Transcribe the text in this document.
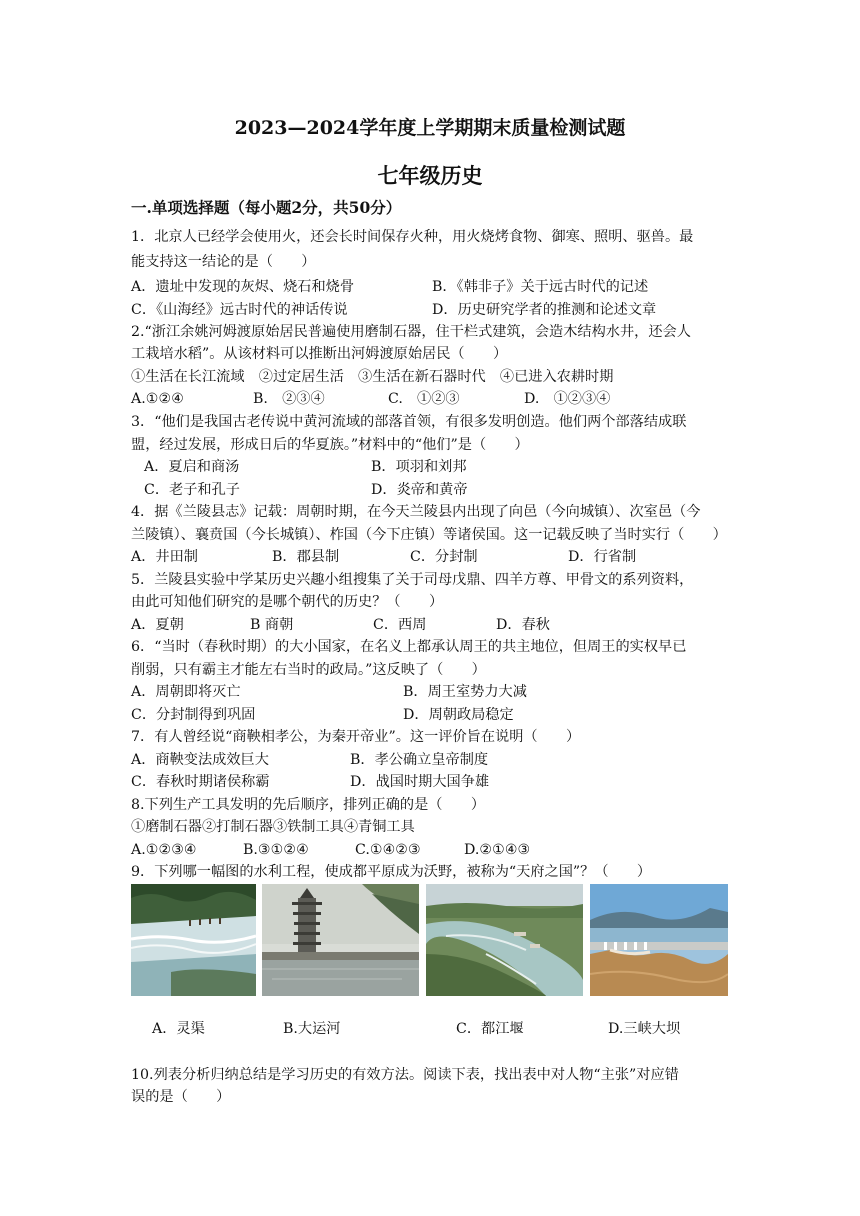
2023—2024学年度上学期期末质量检测试题
七年级历史
一.单项选择题（每小题2分，共50分）
1．北京人已经学会使用火，还会长时间保存火种，用火烧烤食物、御寒、照明、驱兽。最
能支持这一结论的是（　　）
A．遗址中发现的灰烬、烧石和烧骨	B．《韩非子》关于远古时代的记述
C．《山海经》远古时代的神话传说	D．历史研究学者的推测和论述文章
2.“浙江余姚河姆渡原始居民普遍使用磨制石器，住干栏式建筑，会造木结构水井，还会人
工栽培水稻”。从该材料可以推断出河姆渡原始居民（　　）
①生活在长江流域　②过定居生活　③生活在新石器时代　④已进入农耕时期
A.①②④	B.　②③④	C.　①②③	D.　①②③④
3．“他们是我国古老传说中黄河流域的部落首领，有很多发明创造。他们两个部落结成联
盟，经过发展，形成日后的华夏族。”材料中的“他们”是（　　）
A．夏启和商汤	B．项羽和刘邦
C．老子和孔子	D．炎帝和黄帝
4．据《兰陵县志》记载：周朝时期，在今天兰陵县内出现了向邑（今向城镇）、次室邑（今
兰陵镇）、襄贲国（今长城镇）、柞国（今下庄镇）等诸侯国。这一记载反映了当时实行（　　）
A．井田制	B．郡县制	C．分封制	D．行省制
5．兰陵县实验中学某历史兴趣小组搜集了关于司母戊鼎、四羊方尊、甲骨文的系列资料，
由此可知他们研究的是哪个朝代的历史？（　　）
A．夏朝	B 商朝	C．西周	D．春秋
6．“当时（春秋时期）的大小国家，在名义上都承认周王的共主地位，但周王的实权早已
削弱，只有霸主才能左右当时的政局。”这反映了（　　）
A．周朝即将灭亡	B．周王室势力大减
C．分封制得到巩固	D．周朝政局稳定
7．有人曾经说“商鞅相孝公，为秦开帝业”。这一评价旨在说明（　　）
A．商鞅变法成效巨大	B．孝公确立皇帝制度
C．春秋时期诸侯称霸	D．战国时期大国争雄
8.下列生产工具发明的先后顺序，排列正确的是（　　）
①磨制石器②打制石器③铁制工具④青铜工具
A.①②③④	B.③①②④	C.①④②③	D.②①④③
9．下列哪一幅图的水利工程，使成都平原成为沃野，被称为“天府之国”？（　　）
A．灵渠	B.大运河	C．都江堰	D.三峡大坝
10.列表分析归纳总结是学习历史的有效方法。阅读下表，找出表中对人物“主张”对应错
误的是（　　）
